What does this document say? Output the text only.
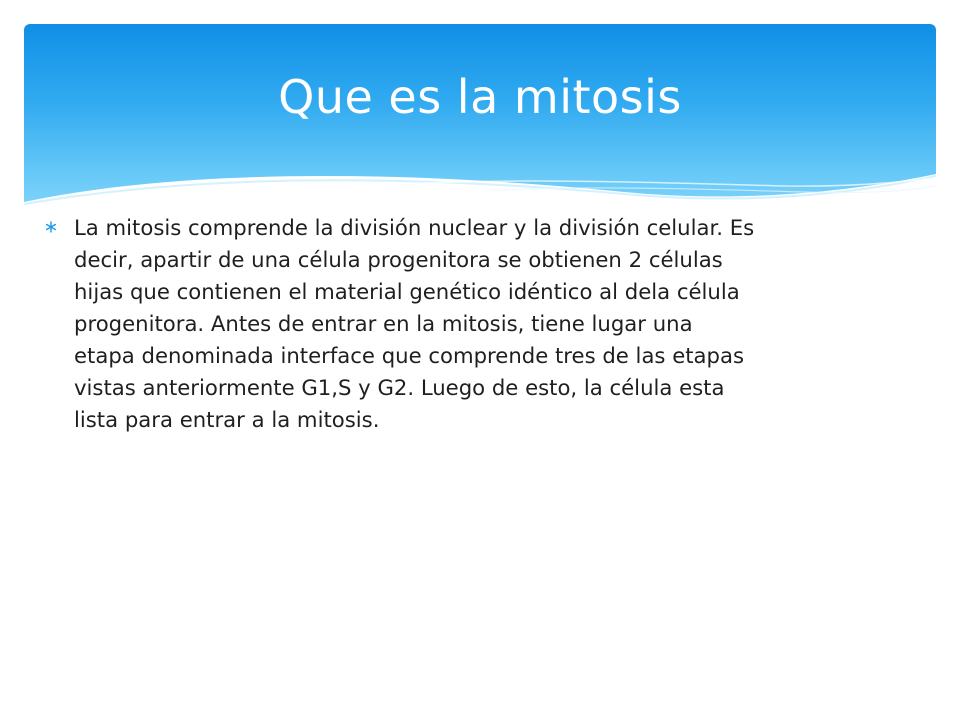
Que es la mitosis

La mitosis comprende la división nuclear y la división celular. Es
decir, apartir de una célula progenitora se obtienen 2 células
hijas que contienen el material genético idéntico al dela célula
progenitora. Antes de entrar en la mitosis, tiene lugar una
etapa denominada interface que comprende tres de las etapas
vistas anteriormente G1,S y G2. Luego de esto, la célula esta
lista para entrar a la mitosis.
